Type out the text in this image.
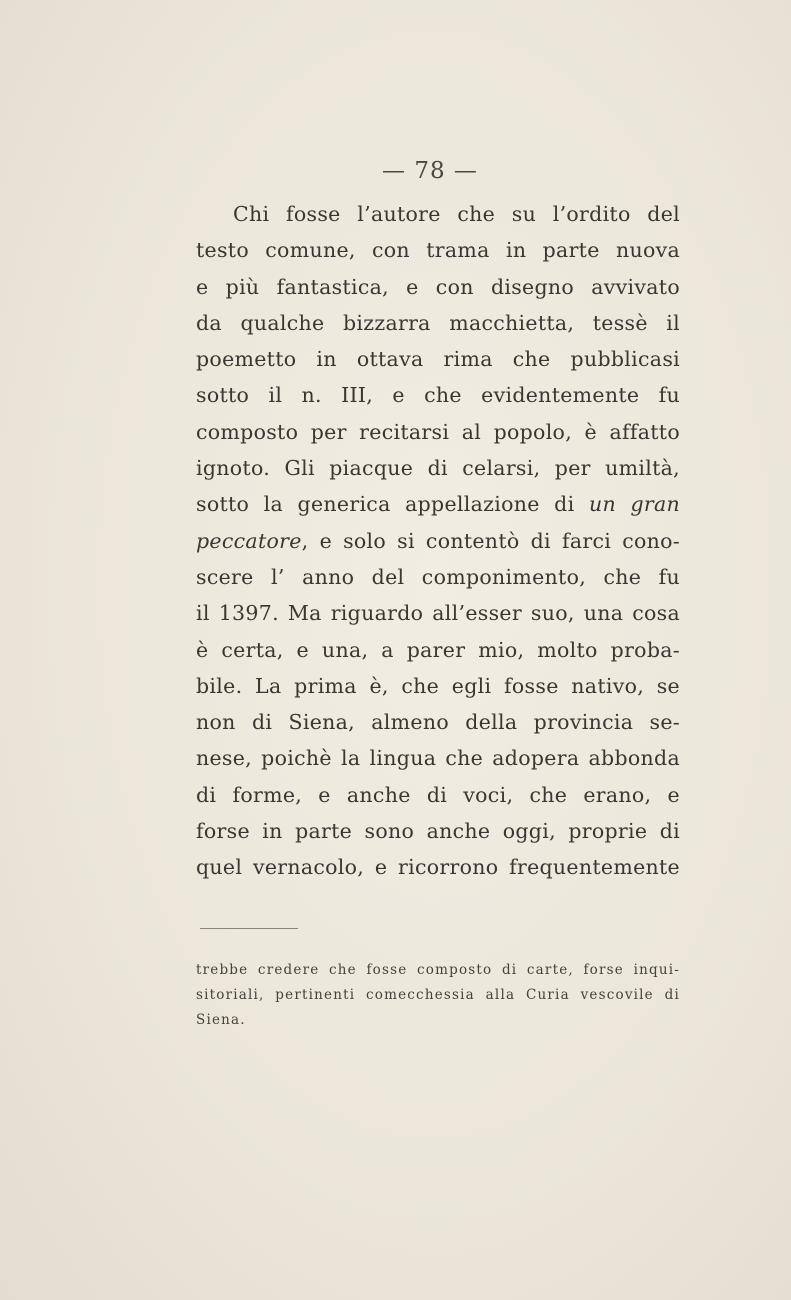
— 78 —
Chi fosse l’autore che su l’ordito del
testo comune, con trama in parte nuova
e più fantastica, e con disegno avvivato
da qualche bizzarra macchietta, tessè il
poemetto in ottava rima che pubblicasi
sotto il n. III, e che evidentemente fu
composto per recitarsi al popolo, è affatto
ignoto. Gli piacque di celarsi, per umiltà,
sotto la generica appellazione di un gran
peccatore, e solo si contentò di farci cono-
scere l’ anno del componimento, che fu
il 1397. Ma riguardo all’esser suo, una cosa
è certa, e una, a parer mio, molto proba-
bile. La prima è, che egli fosse nativo, se
non di Siena, almeno della provincia se-
nese, poichè la lingua che adopera abbonda
di forme, e anche di voci, che erano, e
forse in parte sono anche oggi, proprie di
quel vernacolo, e ricorrono frequentemente
trebbe credere che fosse composto di carte, forse inqui-
sitoriali, pertinenti comecchessia alla Curia vescovile di
Siena.
